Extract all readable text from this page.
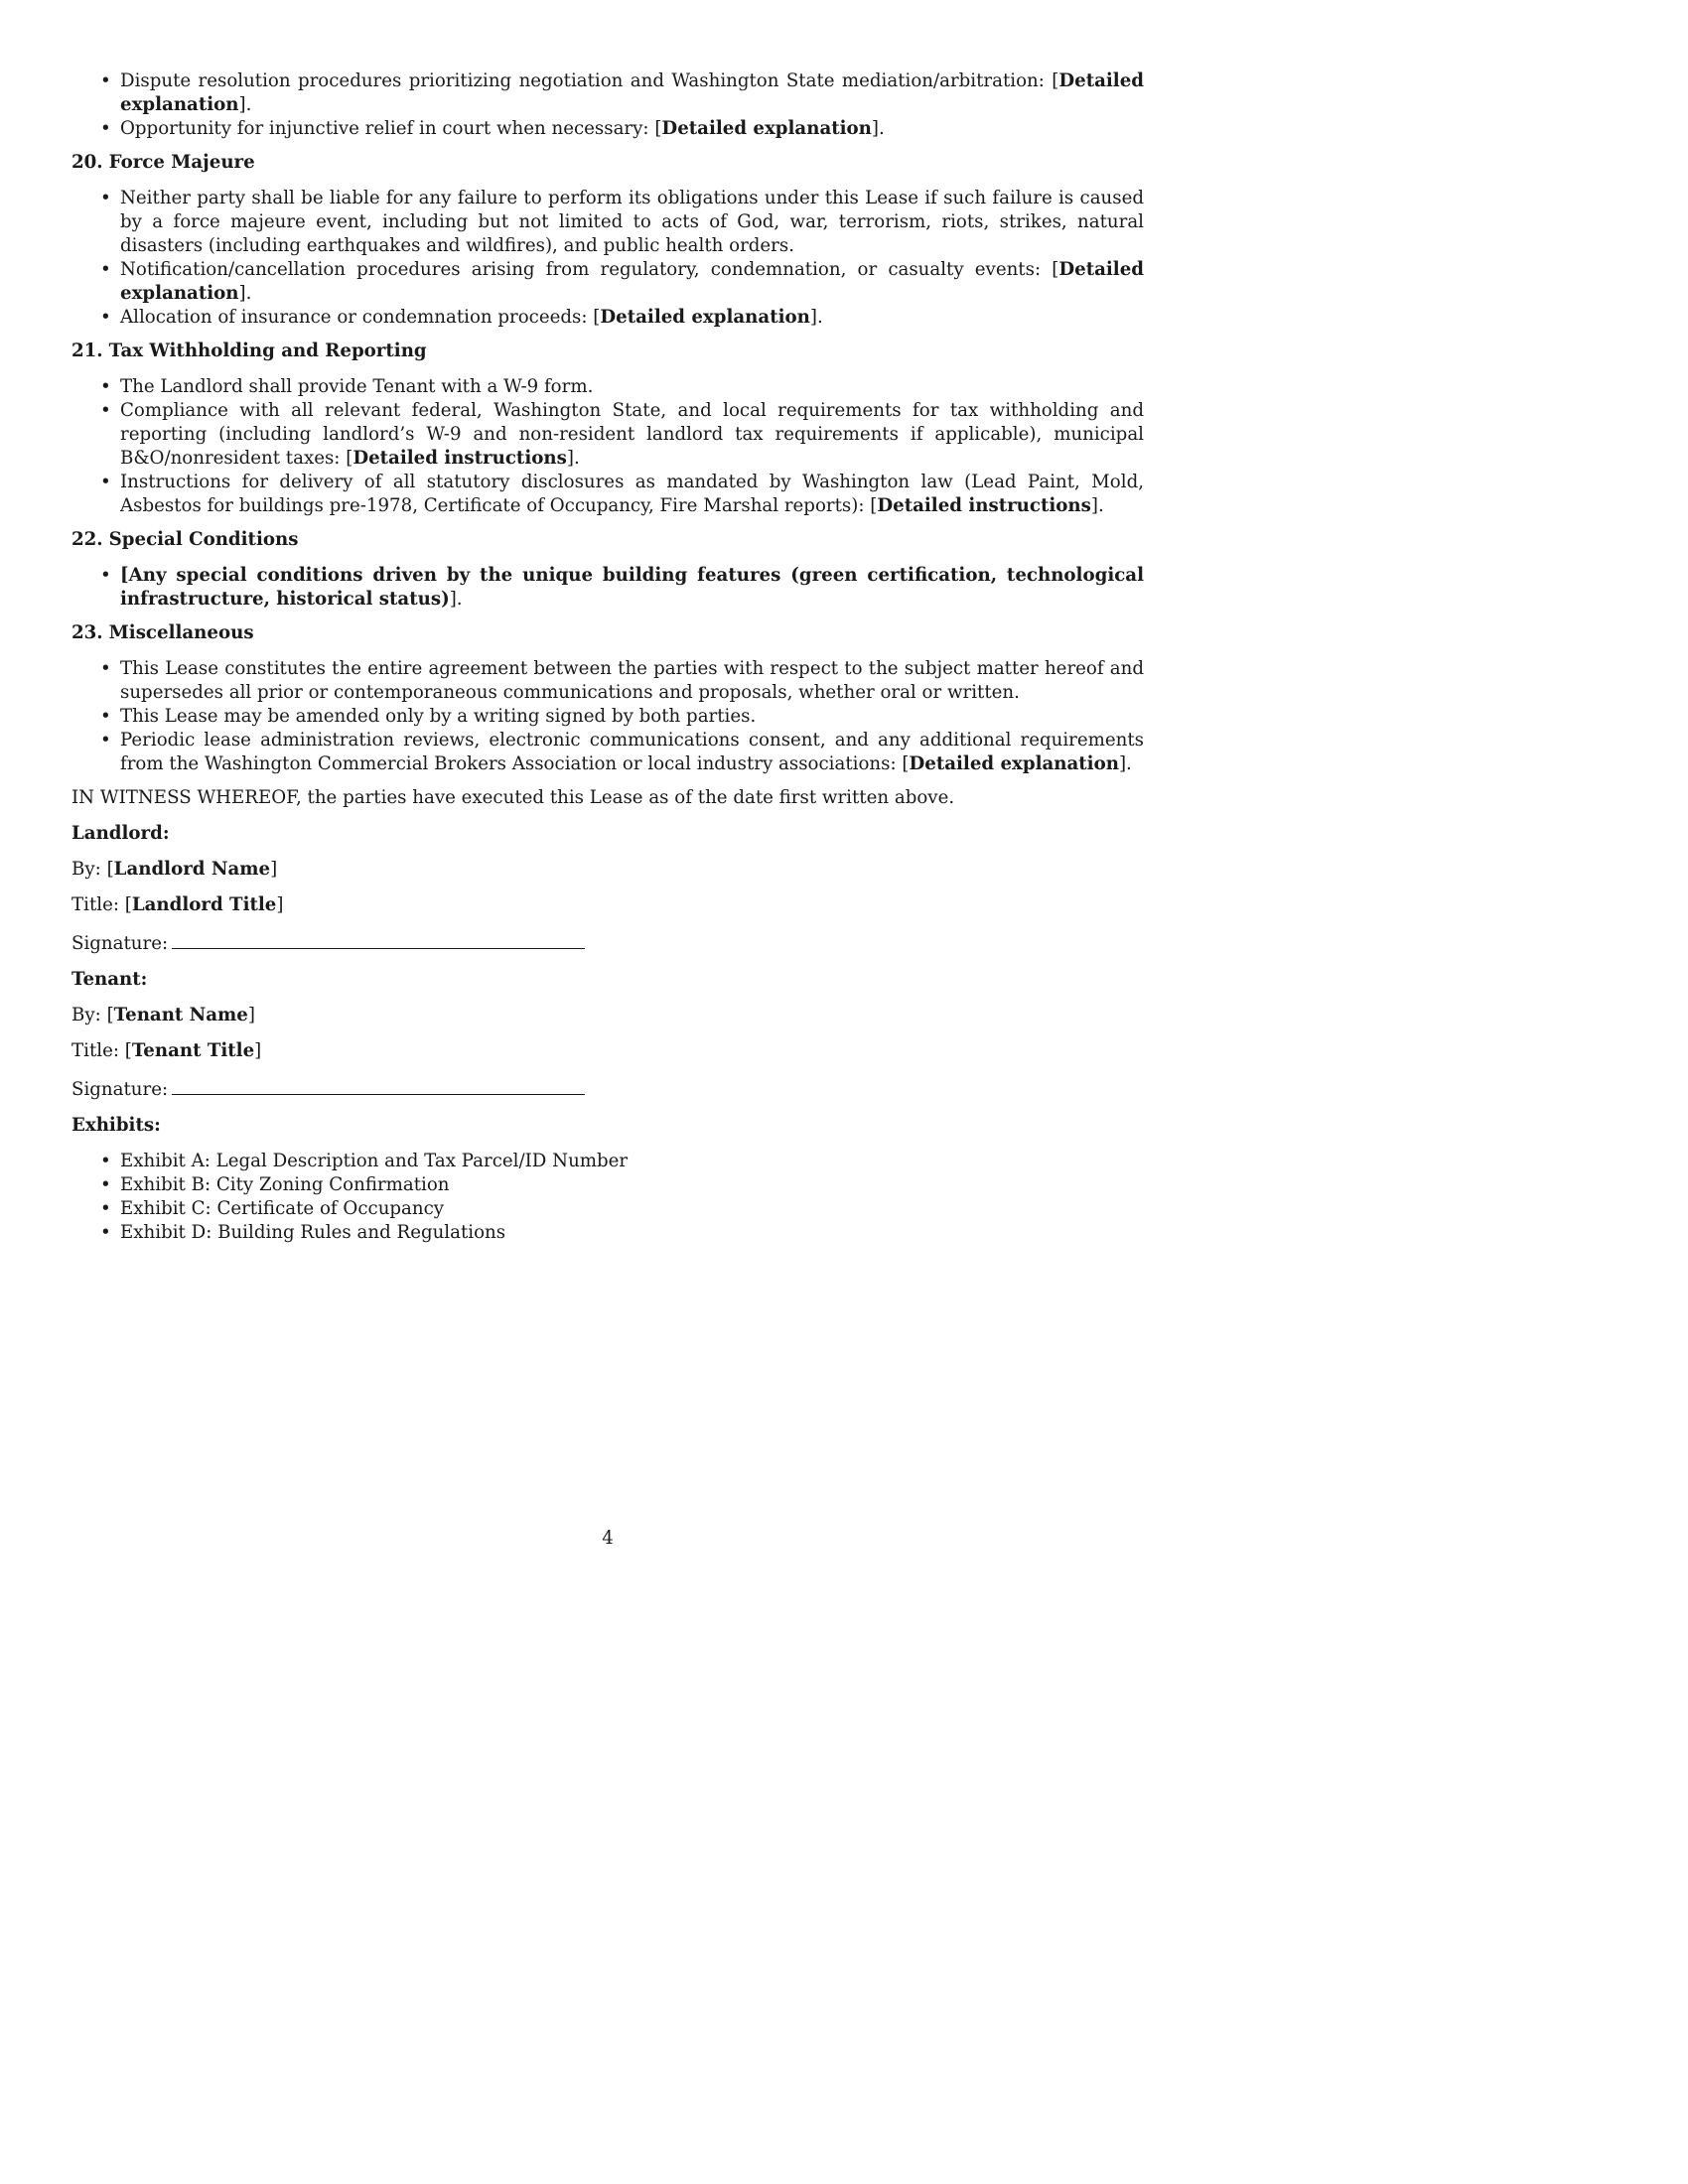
• Dispute resolution procedures prioritizing negotiation and Washington State mediation/arbitration: [Detailed explanation].
• Opportunity for injunctive relief in court when necessary: [Detailed explanation].
20. Force Majeure
• Neither party shall be liable for any failure to perform its obligations under this Lease if such failure is caused by a force majeure event, including but not limited to acts of God, war, terrorism, riots, strikes, natural disasters (including earthquakes and wildfires), and public health orders.
• Notification/cancellation procedures arising from regulatory, condemnation, or casualty events: [Detailed explanation].
• Allocation of insurance or condemnation proceeds: [Detailed explanation].
21. Tax Withholding and Reporting
• The Landlord shall provide Tenant with a W-9 form.
• Compliance with all relevant federal, Washington State, and local requirements for tax withholding and reporting (including landlord’s W-9 and non-resident landlord tax requirements if applicable), municipal B&O/nonresident taxes: [Detailed instructions].
• Instructions for delivery of all statutory disclosures as mandated by Washington law (Lead Paint, Mold, Asbestos for buildings pre-1978, Certificate of Occupancy, Fire Marshal reports): [Detailed instructions].
22. Special Conditions
• [Any special conditions driven by the unique building features (green certification, technological infrastructure, historical status)].
23. Miscellaneous
• This Lease constitutes the entire agreement between the parties with respect to the subject matter hereof and supersedes all prior or contemporaneous communications and proposals, whether oral or written.
• This Lease may be amended only by a writing signed by both parties.
• Periodic lease administration reviews, electronic communications consent, and any additional requirements from the Washington Commercial Brokers Association or local industry associations: [Detailed explanation].

IN WITNESS WHEREOF, the parties have executed this Lease as of the date first written above.

Landlord:

By: [Landlord Name]

Title: [Landlord Title]

Signature:

Tenant:

By: [Tenant Name]

Title: [Tenant Title]

Signature:

Exhibits:

• Exhibit A: Legal Description and Tax Parcel/ID Number
• Exhibit B: City Zoning Confirmation
• Exhibit C: Certificate of Occupancy
• Exhibit D: Building Rules and Regulations
4
